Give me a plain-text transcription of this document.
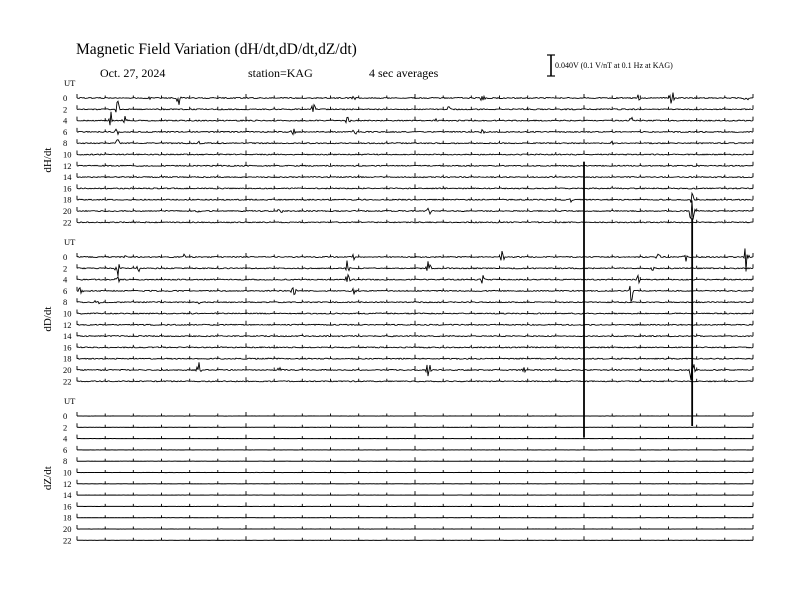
Magnetic Field Variation (dH/dt,dD/dt,dZ/dt)
Oct. 27, 2024	station=KAG	4 sec averages
0.040V (0.1 V/nT at 0.1 Hz at KAG)
UT
dH/dt
0
2
4
6
8
10
12
14
16
18
20
22
UT
dD/dt
0
2
4
6
8
10
12
14
16
18
20
22
UT
dZ/dt
0
2
4
6
8
10
12
14
16
18
20
22
